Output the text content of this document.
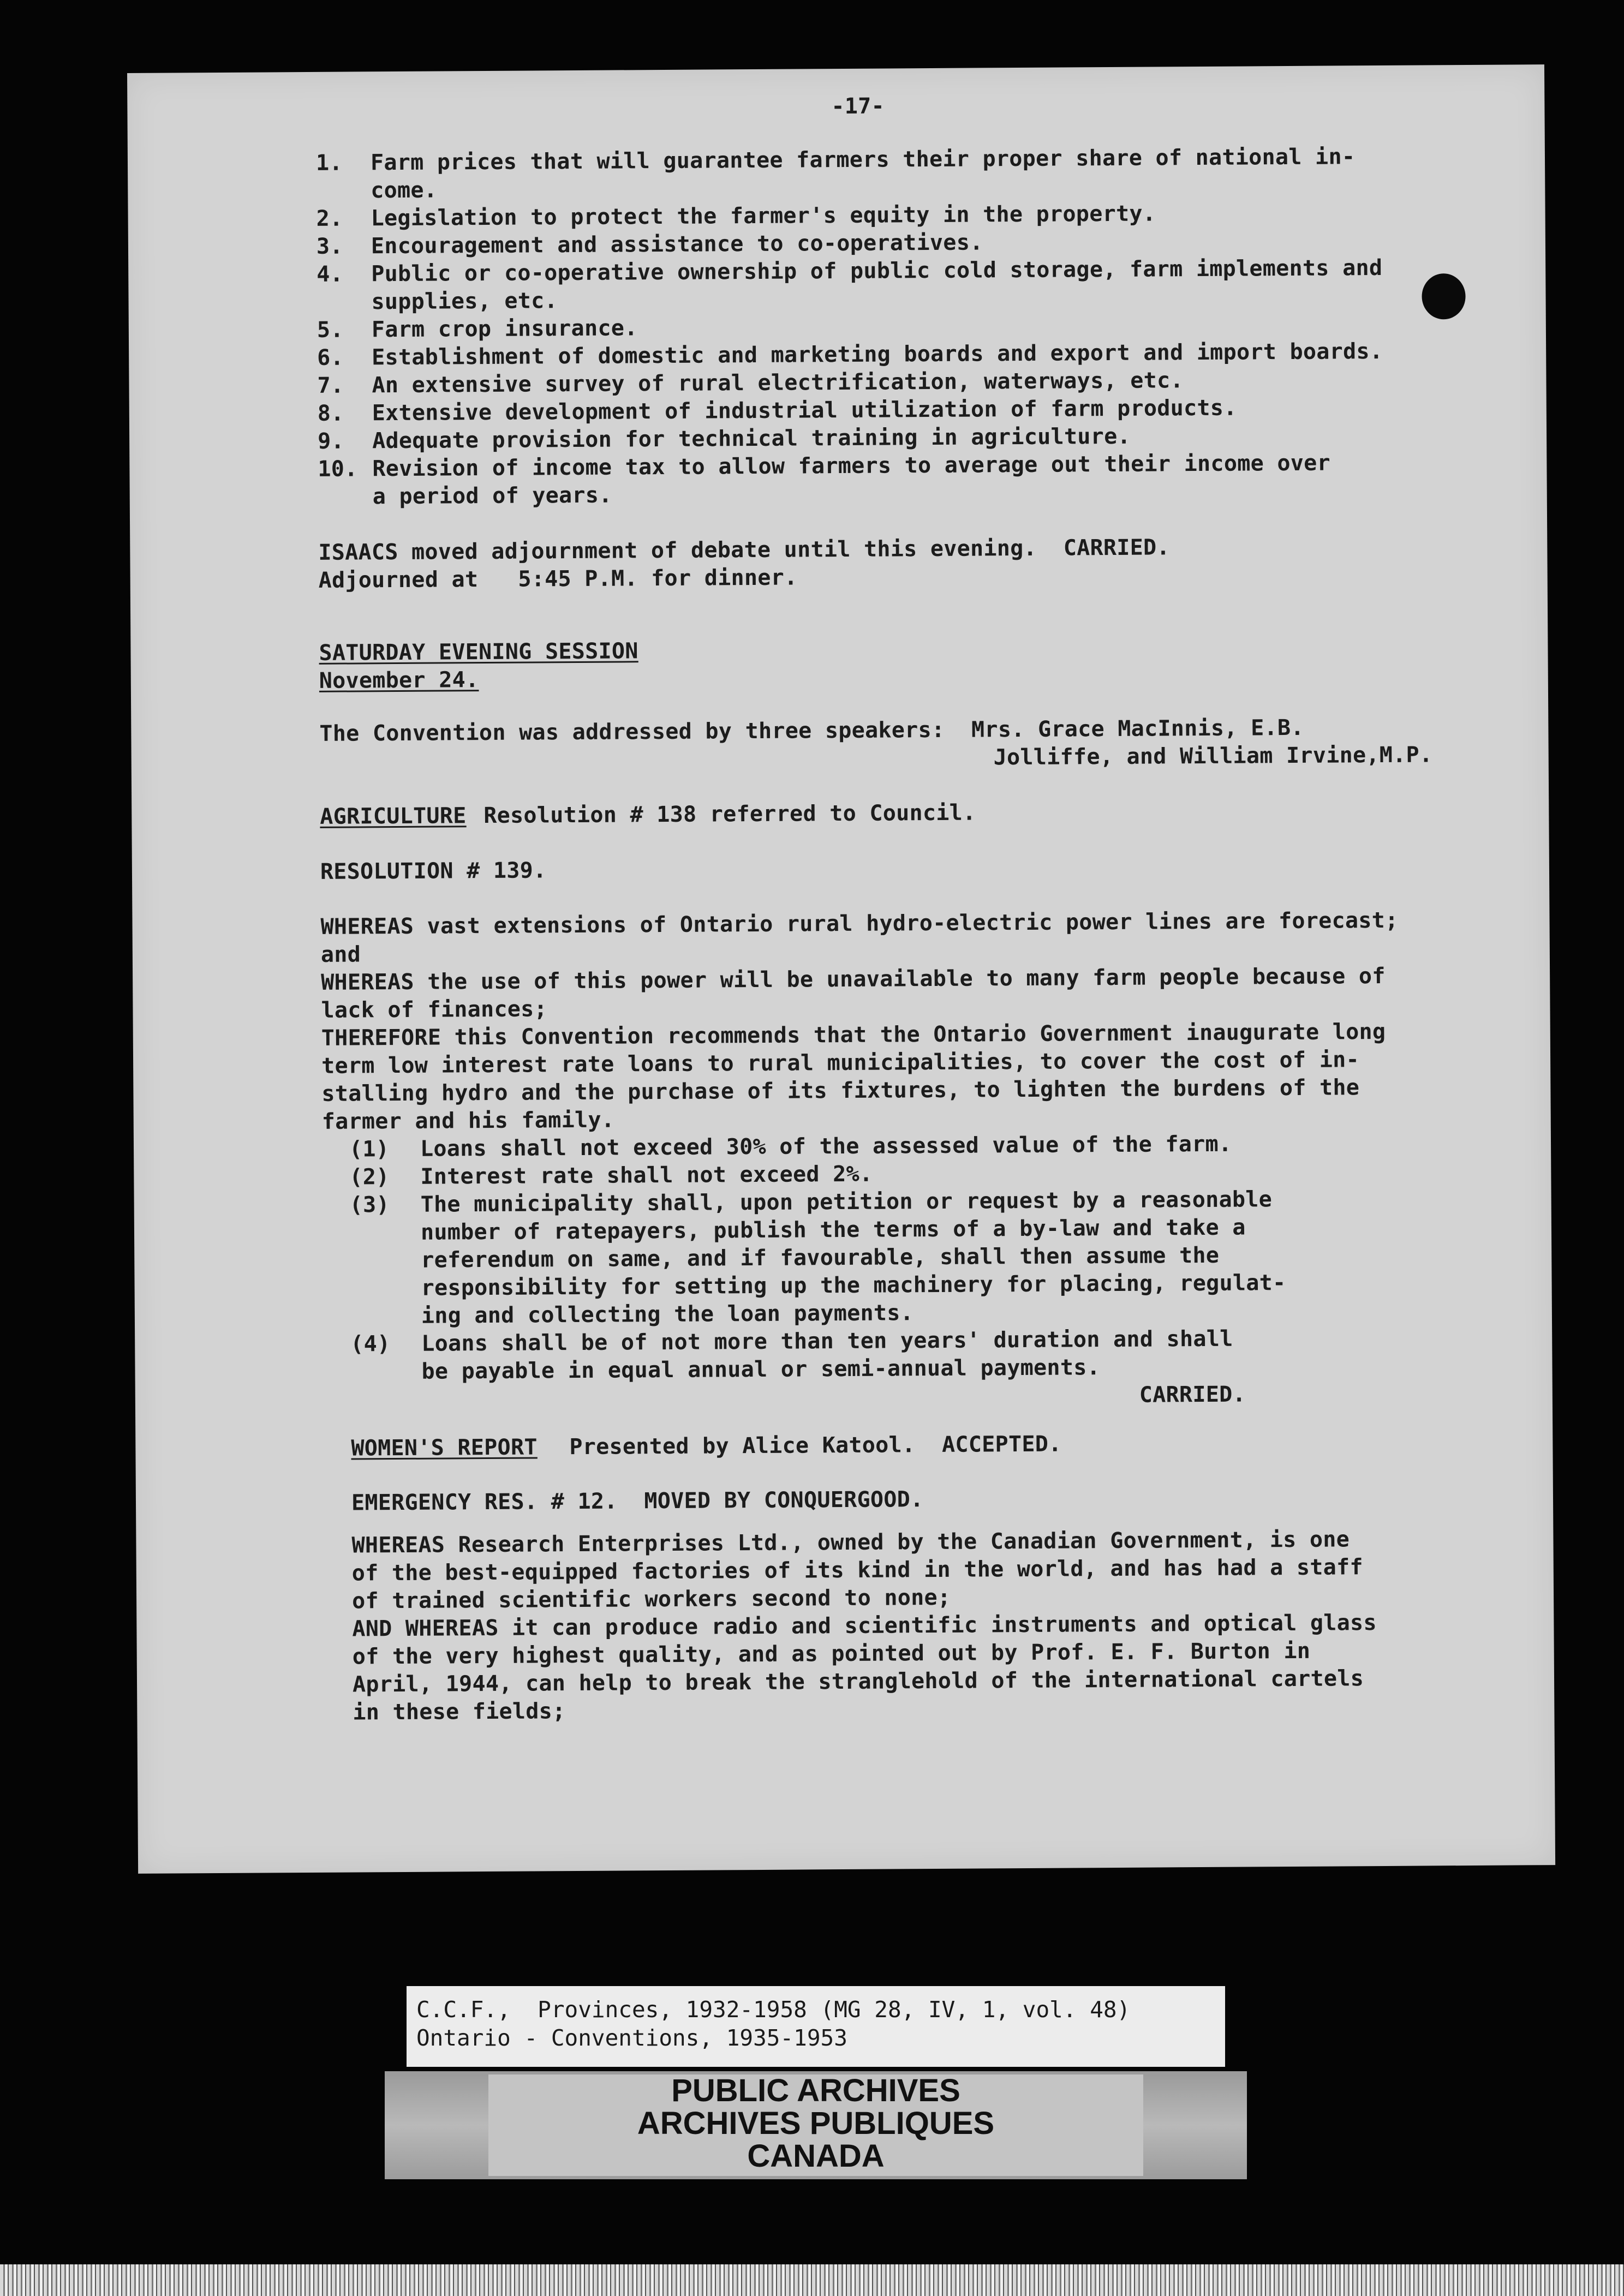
-17-
1. Farm prices that will guarantee farmers their proper share of national in-
come.
2. Legislation to protect the farmer's equity in the property.
3. Encouragement and assistance to co-operatives.
4. Public or co-operative ownership of public cold storage, farm implements and
supplies, etc.
5. Farm crop insurance.
6. Establishment of domestic and marketing boards and export and import boards.
7. An extensive survey of rural electrification, waterways, etc.
8. Extensive development of industrial utilization of farm products.
9. Adequate provision for technical training in agriculture.
10. Revision of income tax to allow farmers to average out their income over
a period of years.
ISAACS moved adjournment of debate until this evening.  CARRIED.
Adjourned at   5:45 P.M. for dinner.
SATURDAY EVENING SESSION
November 24.
The Convention was addressed by three speakers:  Mrs. Grace MacInnis, E.B.
Jolliffe, and William Irvine,M.P.
AGRICULTURE Resolution # 138 referred to Council.
RESOLUTION # 139.
WHEREAS vast extensions of Ontario rural hydro-electric power lines are forecast;
and
WHEREAS the use of this power will be unavailable to many farm people because of
lack of finances;
THEREFORE this Convention recommends that the Ontario Government inaugurate long
term low interest rate loans to rural municipalities, to cover the cost of in-
stalling hydro and the purchase of its fixtures, to lighten the burdens of the
farmer and his family.
(1) Loans shall not exceed 30% of the assessed value of the farm.
(2) Interest rate shall not exceed 2%.
(3) The municipality shall, upon petition or request by a reasonable
number of ratepayers, publish the terms of a by-law and take a
referendum on same, and if favourable, shall then assume the
responsibility for setting up the machinery for placing, regulat-
ing and collecting the loan payments.
(4) Loans shall be of not more than ten years' duration and shall
be payable in equal annual or semi-annual payments.
CARRIED.
WOMEN'S REPORT Presented by Alice Katool.  ACCEPTED.
EMERGENCY RES. # 12.  MOVED BY CONQUERGOOD.
WHEREAS Research Enterprises Ltd., owned by the Canadian Government, is one
of the best-equipped factories of its kind in the world, and has had a staff
of trained scientific workers second to none;
AND WHEREAS it can produce radio and scientific instruments and optical glass
of the very highest quality, and as pointed out by Prof. E. F. Burton in
April, 1944, can help to break the stranglehold of the international cartels
in these fields;
C.C.F.,  Provinces, 1932-1958 (MG 28, IV, 1, vol. 48)
Ontario - Conventions, 1935-1953
PUBLIC ARCHIVES
ARCHIVES PUBLIQUES
CANADA
